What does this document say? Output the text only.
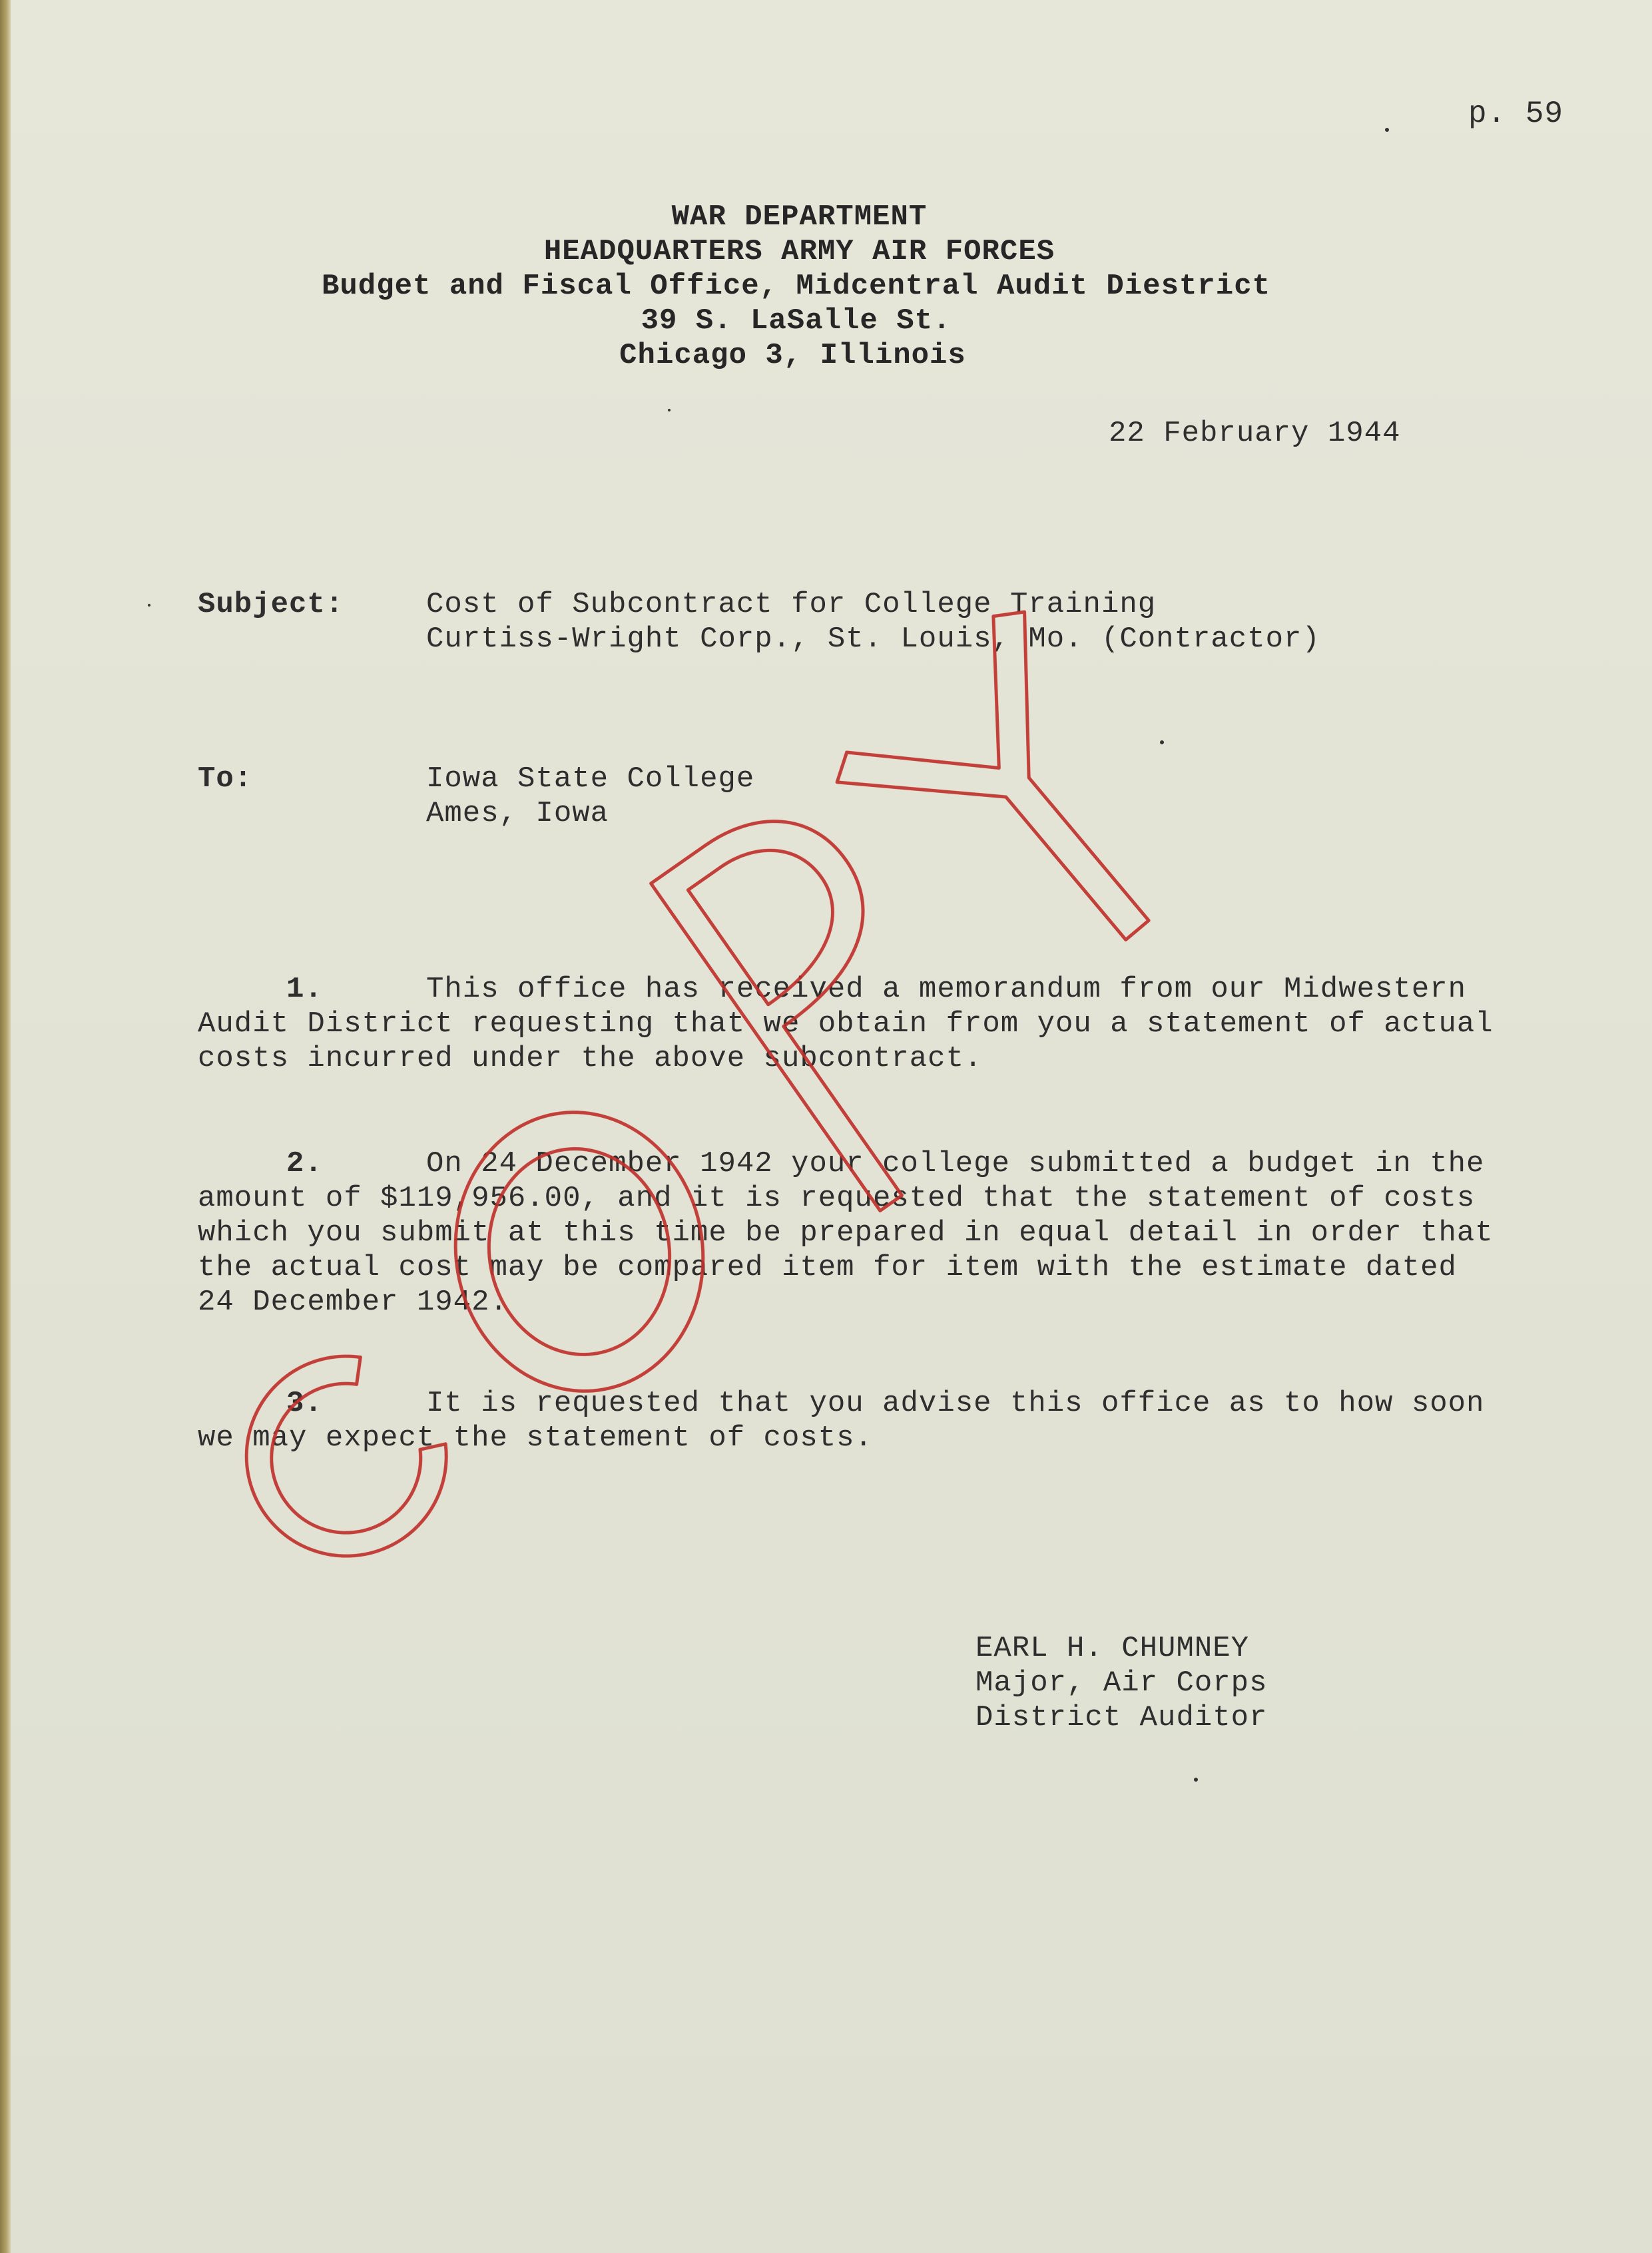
p. 59
WAR DEPARTMENT
HEADQUARTERS ARMY AIR FORCES
Budget and Fiscal Office, Midcentral Audit Diestrict
39 S. LaSalle St.
Chicago 3, Illinois
22 February 1944
Subject:	Cost of Subcontract for College Training
Curtiss-Wright Corp., St. Louis, Mo. (Contractor)
To:	Iowa State College
Ames, Iowa
1.	This office has received a memorandum from our Midwestern
Audit District requesting that we obtain from you a statement of actual
costs incurred under the above subcontract.
2.	On 24 December 1942 your college submitted a budget in the
amount of $119,956.00, and it is requested that the statement of costs
which you submit at this time be prepared in equal detail in order that
the actual cost may be compared item for item with the estimate dated
24 December 1942.
3.	It is requested that you advise this office as to how soon
we may expect the statement of costs.
EARL H. CHUMNEY
Major, Air Corps
District Auditor
